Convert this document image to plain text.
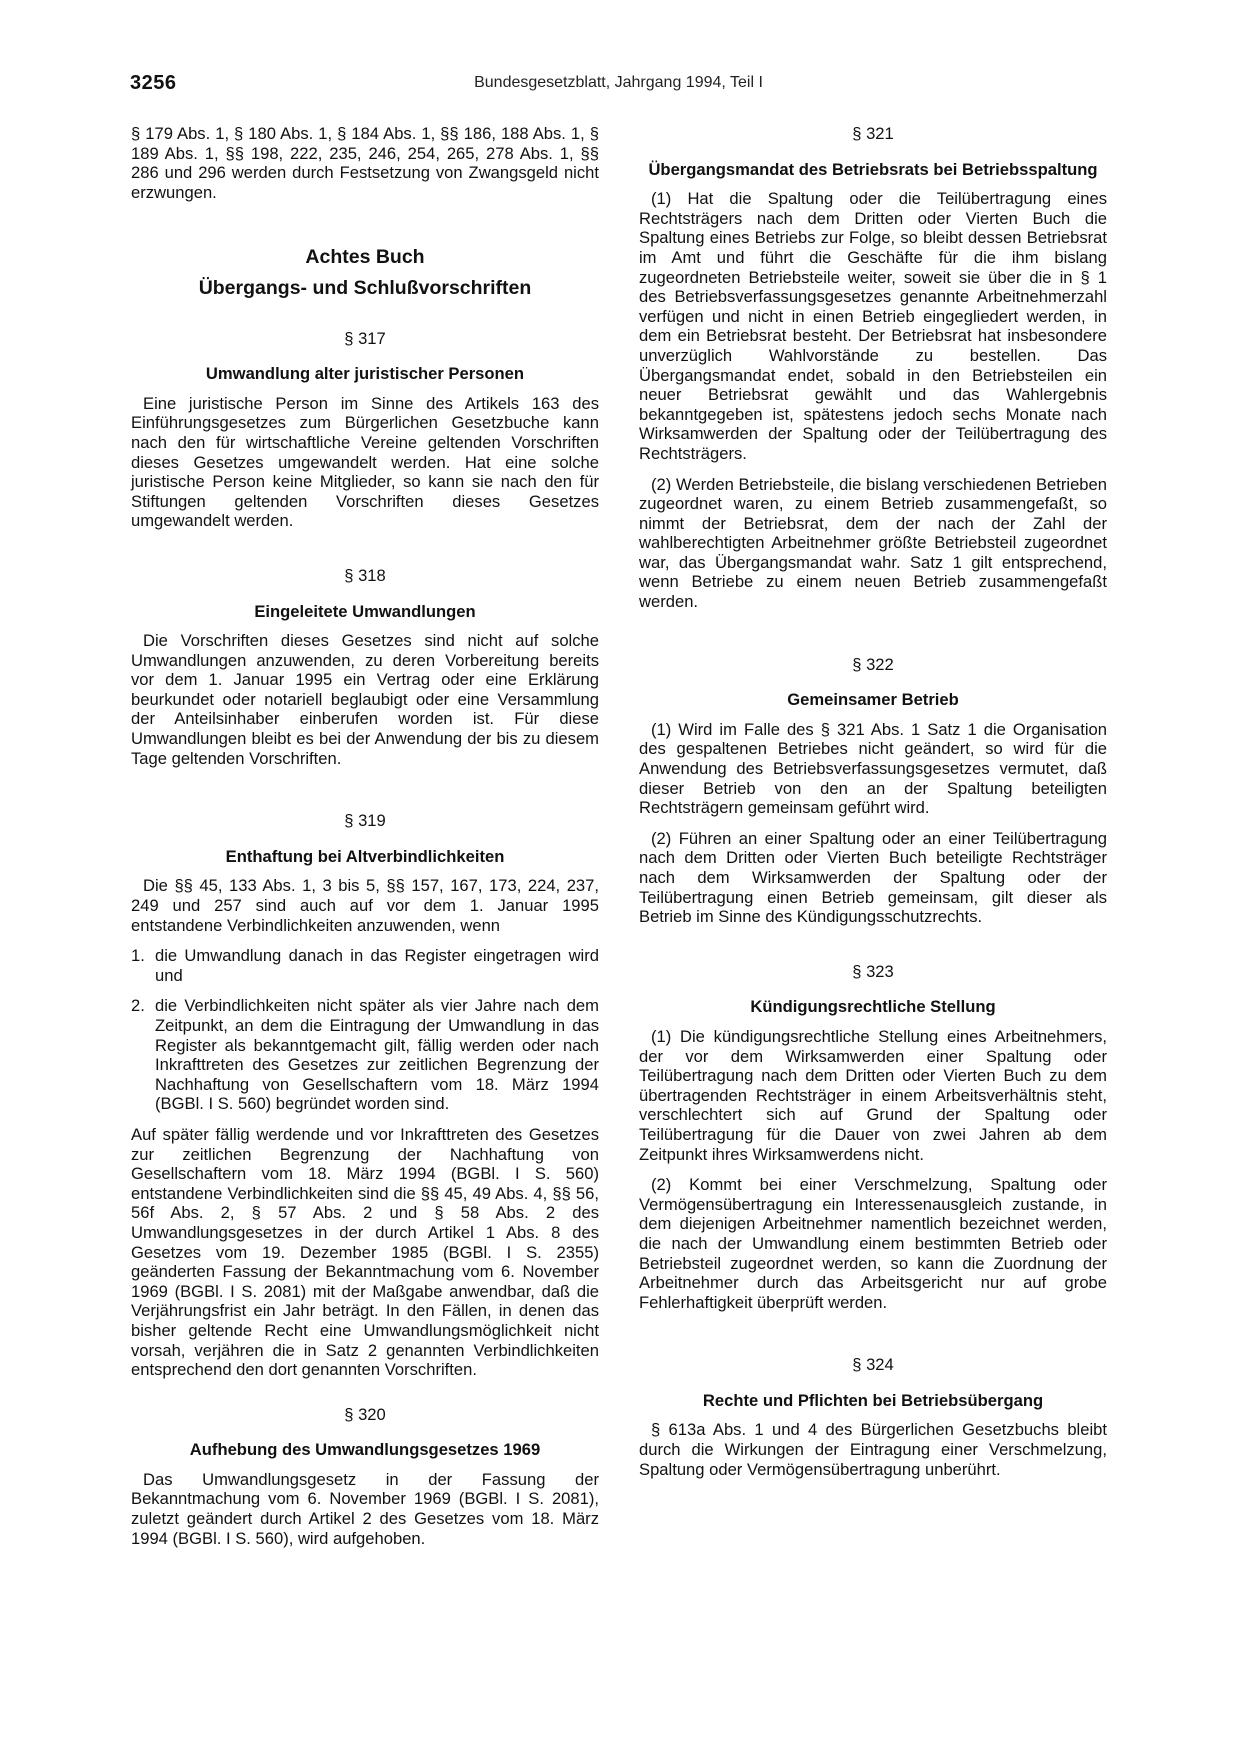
3256	Bundesgesetzblatt, Jahrgang 1994, Teil I

§ 179 Abs. 1, § 180 Abs. 1, § 184 Abs. 1, §§ 186, 188 Abs. 1, § 189 Abs. 1, §§ 198, 222, 235, 246, 254, 265, 278 Abs. 1, §§ 286 und 296 werden durch Festsetzung von Zwangsgeld nicht erzwungen.

Achtes Buch
Übergangs- und Schlußvorschriften
§ 317
Umwandlung alter juristischer Personen

Eine juristische Person im Sinne des Artikels 163 des Einführungsgesetzes zum Bürgerlichen Gesetzbuche kann nach den für wirtschaftliche Vereine geltenden Vorschriften dieses Gesetzes umgewandelt werden. Hat eine solche juristische Person keine Mitglieder, so kann sie nach den für Stiftungen geltenden Vorschriften dieses Gesetzes umgewandelt werden.

§ 318
Eingeleitete Umwandlungen

Die Vorschriften dieses Gesetzes sind nicht auf solche Umwandlungen anzuwenden, zu deren Vorbereitung bereits vor dem 1. Januar 1995 ein Vertrag oder eine Erklärung beurkundet oder notariell beglaubigt oder eine Versammlung der Anteilsinhaber einberufen worden ist. Für diese Umwandlungen bleibt es bei der Anwendung der bis zu diesem Tage geltenden Vorschriften.

§ 319
Enthaftung bei Altverbindlichkeiten

Die §§ 45, 133 Abs. 1, 3 bis 5, §§ 157, 167, 173, 224, 237, 249 und 257 sind auch auf vor dem 1. Januar 1995 entstandene Verbindlichkeiten anzuwenden, wenn

1. die Umwandlung danach in das Register eingetragen wird und
2. die Verbindlichkeiten nicht später als vier Jahre nach dem Zeitpunkt, an dem die Eintragung der Umwandlung in das Register als bekanntgemacht gilt, fällig werden oder nach Inkrafttreten des Gesetzes zur zeitlichen Begrenzung der Nachhaftung von Gesellschaftern vom 18. März 1994 (BGBl. I S. 560) begründet worden sind.

Auf später fällig werdende und vor Inkrafttreten des Gesetzes zur zeitlichen Begrenzung der Nachhaftung von Gesellschaftern vom 18. März 1994 (BGBl. I S. 560) entstandene Verbindlichkeiten sind die §§ 45, 49 Abs. 4, §§ 56, 56f Abs. 2, § 57 Abs. 2 und § 58 Abs. 2 des Umwandlungsgesetzes in der durch Artikel 1 Abs. 8 des Gesetzes vom 19. Dezember 1985 (BGBl. I S. 2355) geänderten Fassung der Bekanntmachung vom 6. November 1969 (BGBl. I S. 2081) mit der Maßgabe anwendbar, daß die Verjährungsfrist ein Jahr beträgt. In den Fällen, in denen das bisher geltende Recht eine Umwandlungsmöglichkeit nicht vorsah, verjähren die in Satz 2 genannten Verbindlichkeiten entsprechend den dort genannten Vorschriften.

§ 320
Aufhebung des Umwandlungsgesetzes 1969

Das Umwandlungsgesetz in der Fassung der Bekanntmachung vom 6. November 1969 (BGBl. I S. 2081), zuletzt geändert durch Artikel 2 des Gesetzes vom 18. März 1994 (BGBl. I S. 560), wird aufgehoben.

§ 321
Übergangsmandat des Betriebsrats bei Betriebsspaltung

(1) Hat die Spaltung oder die Teilübertragung eines Rechtsträgers nach dem Dritten oder Vierten Buch die Spaltung eines Betriebs zur Folge, so bleibt dessen Betriebsrat im Amt und führt die Geschäfte für die ihm bislang zugeordneten Betriebsteile weiter, soweit sie über die in § 1 des Betriebsverfassungsgesetzes genannte Arbeitnehmerzahl verfügen und nicht in einen Betrieb eingegliedert werden, in dem ein Betriebsrat besteht. Der Betriebsrat hat insbesondere unverzüglich Wahlvorstände zu bestellen. Das Übergangsmandat endet, sobald in den Betriebsteilen ein neuer Betriebsrat gewählt und das Wahlergebnis bekanntgegeben ist, spätestens jedoch sechs Monate nach Wirksamwerden der Spaltung oder der Teilübertragung des Rechtsträgers.

(2) Werden Betriebsteile, die bislang verschiedenen Betrieben zugeordnet waren, zu einem Betrieb zusammengefaßt, so nimmt der Betriebsrat, dem der nach der Zahl der wahlberechtigten Arbeitnehmer größte Betriebsteil zugeordnet war, das Übergangsmandat wahr. Satz 1 gilt entsprechend, wenn Betriebe zu einem neuen Betrieb zusammengefaßt werden.

§ 322
Gemeinsamer Betrieb

(1) Wird im Falle des § 321 Abs. 1 Satz 1 die Organisation des gespaltenen Betriebes nicht geändert, so wird für die Anwendung des Betriebsverfassungsgesetzes vermutet, daß dieser Betrieb von den an der Spaltung beteiligten Rechtsträgern gemeinsam geführt wird.

(2) Führen an einer Spaltung oder an einer Teilübertragung nach dem Dritten oder Vierten Buch beteiligte Rechtsträger nach dem Wirksamwerden der Spaltung oder der Teilübertragung einen Betrieb gemeinsam, gilt dieser als Betrieb im Sinne des Kündigungsschutzrechts.

§ 323
Kündigungsrechtliche Stellung

(1) Die kündigungsrechtliche Stellung eines Arbeitnehmers, der vor dem Wirksamwerden einer Spaltung oder Teilübertragung nach dem Dritten oder Vierten Buch zu dem übertragenden Rechtsträger in einem Arbeitsverhältnis steht, verschlechtert sich auf Grund der Spaltung oder Teilübertragung für die Dauer von zwei Jahren ab dem Zeitpunkt ihres Wirksamwerdens nicht.

(2) Kommt bei einer Verschmelzung, Spaltung oder Vermögensübertragung ein Interessenausgleich zustande, in dem diejenigen Arbeitnehmer namentlich bezeichnet werden, die nach der Umwandlung einem bestimmten Betrieb oder Betriebsteil zugeordnet werden, so kann die Zuordnung der Arbeitnehmer durch das Arbeitsgericht nur auf grobe Fehlerhaftigkeit überprüft werden.

§ 324
Rechte und Pflichten bei Betriebsübergang

§ 613a Abs. 1 und 4 des Bürgerlichen Gesetzbuchs bleibt durch die Wirkungen der Eintragung einer Verschmelzung, Spaltung oder Vermögensübertragung unberührt.
